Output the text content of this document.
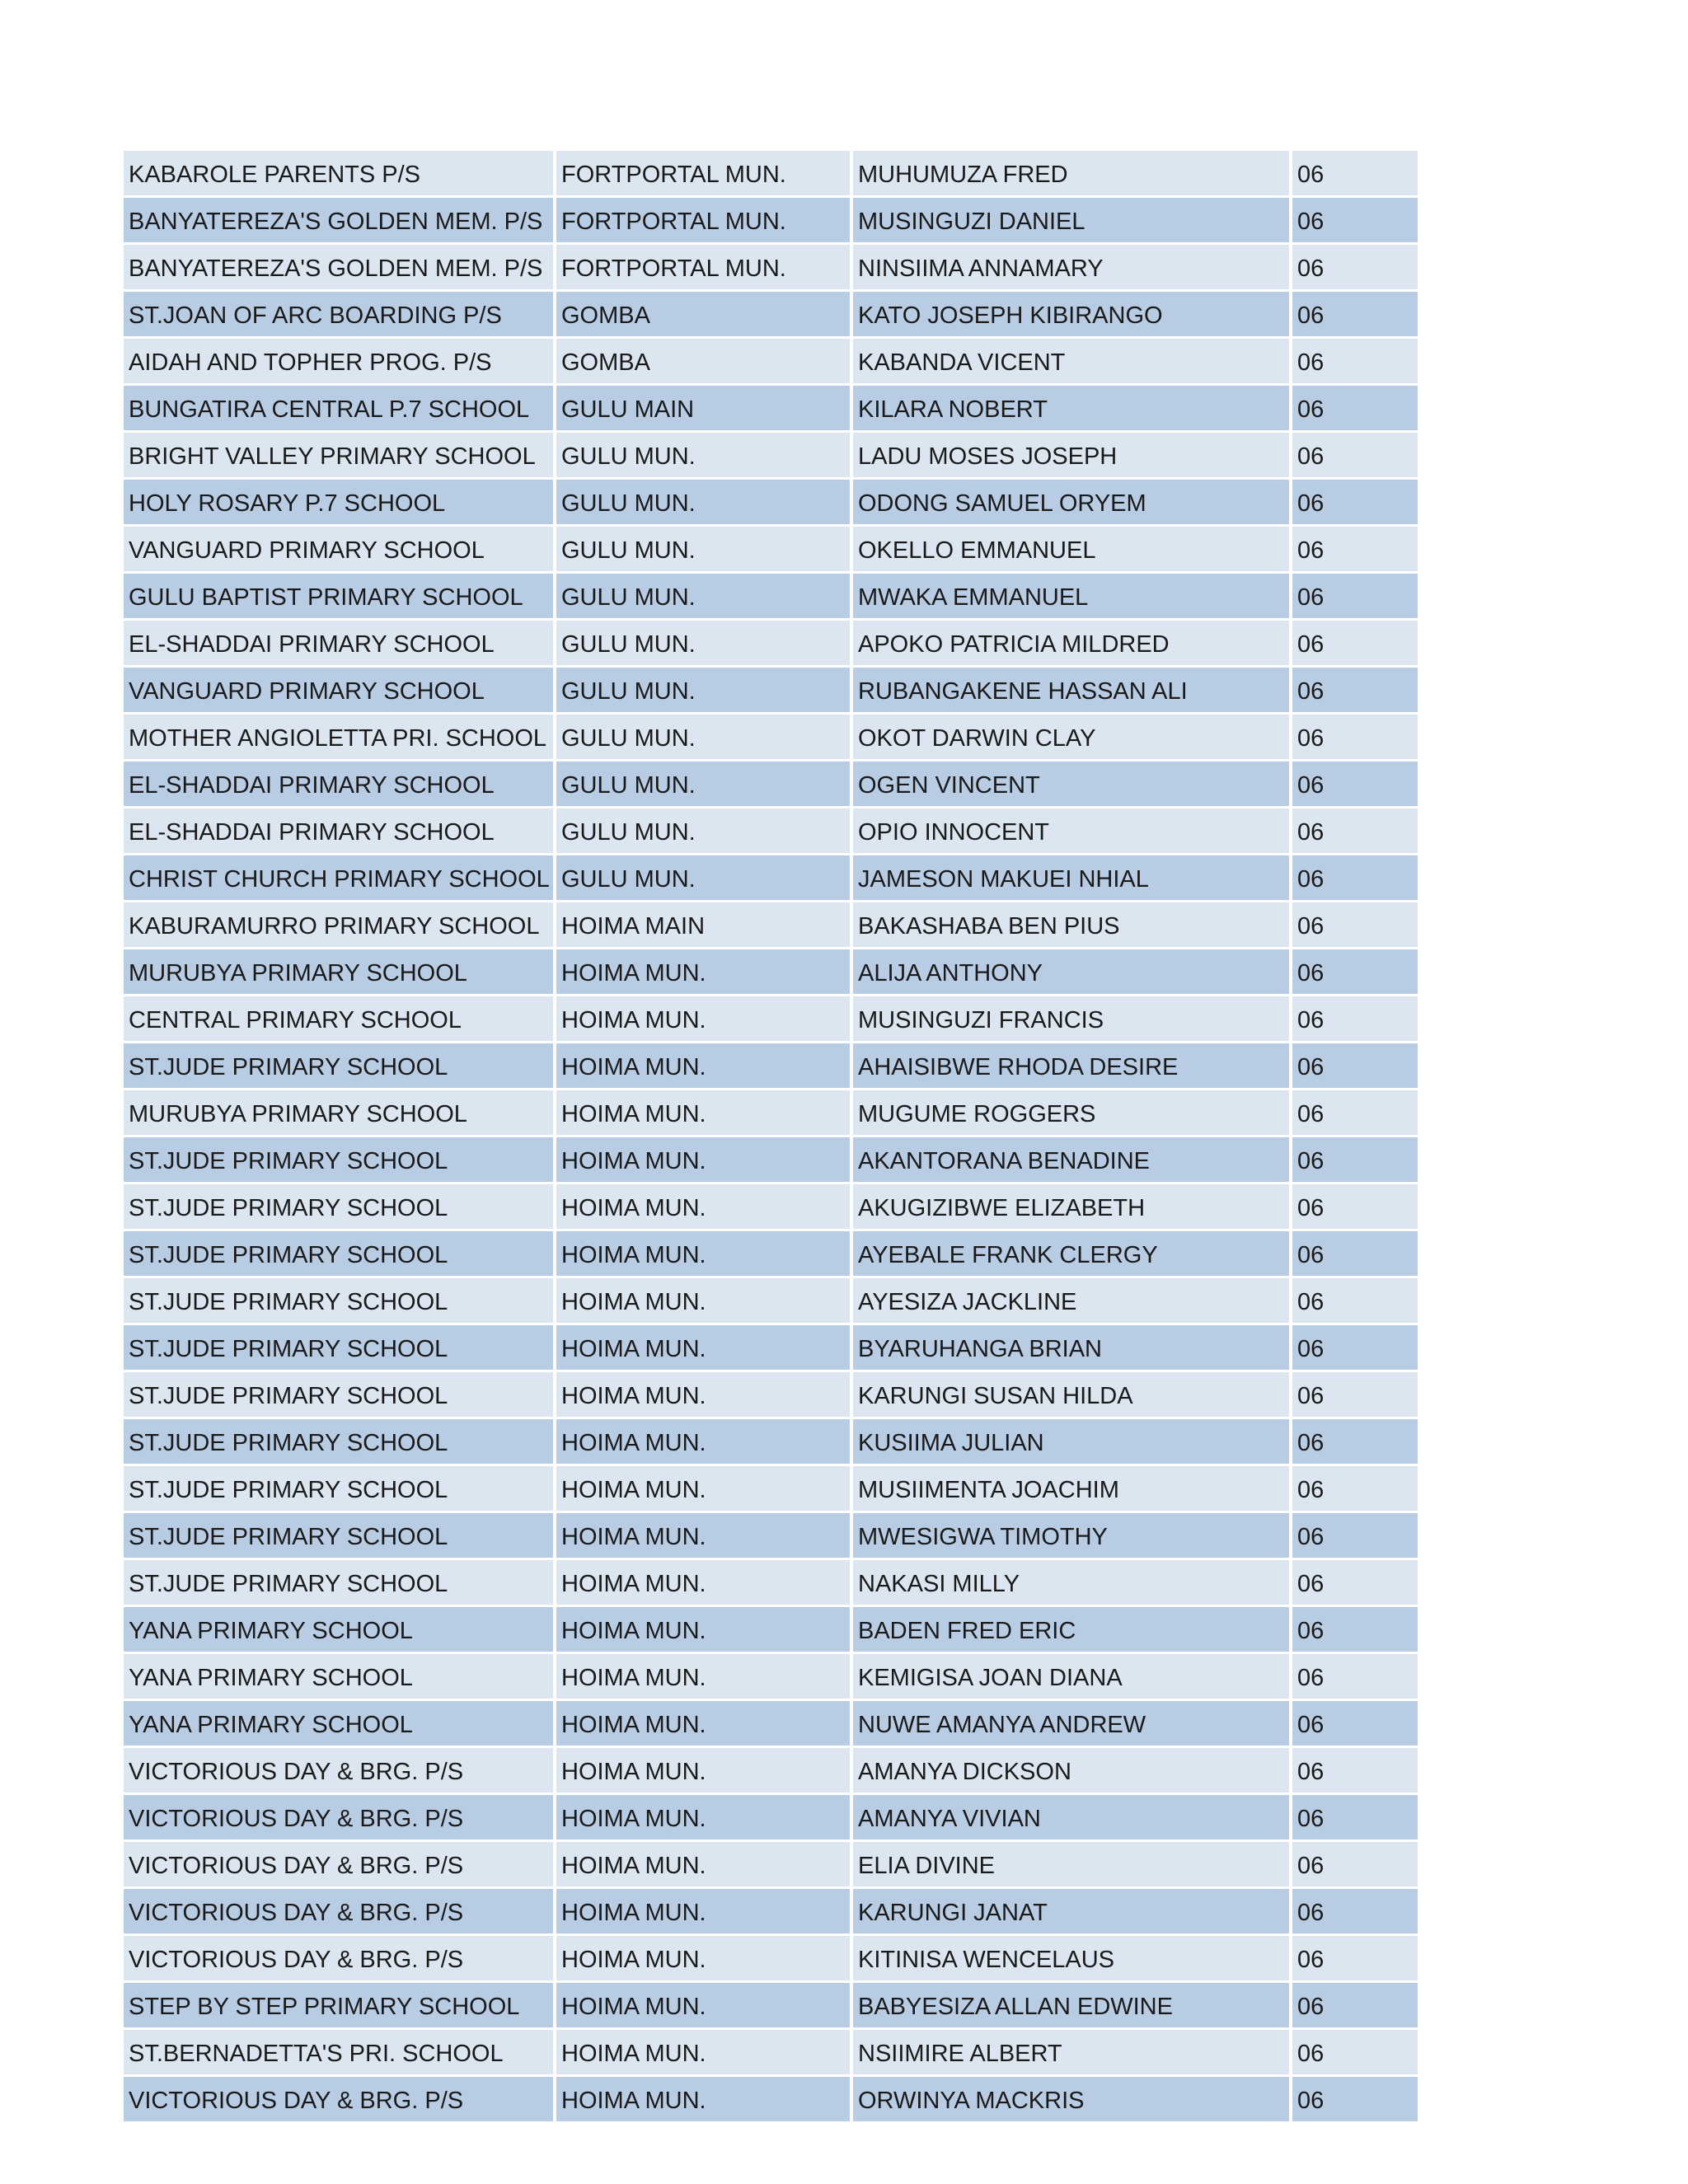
KABAROLE PARENTS P/S	FORTPORTAL MUN.	MUHUMUZA FRED	06
BANYATEREZA'S GOLDEN MEM. P/S	FORTPORTAL MUN.	MUSINGUZI DANIEL	06
BANYATEREZA'S GOLDEN MEM. P/S	FORTPORTAL MUN.	NINSIIMA ANNAMARY	06
ST.JOAN OF ARC BOARDING P/S	GOMBA	KATO JOSEPH KIBIRANGO	06
AIDAH AND TOPHER PROG. P/S	GOMBA	KABANDA VICENT	06
BUNGATIRA CENTRAL P.7 SCHOOL	GULU MAIN	KILARA NOBERT	06
BRIGHT VALLEY PRIMARY SCHOOL	GULU MUN.	LADU MOSES JOSEPH	06
HOLY ROSARY P.7 SCHOOL	GULU MUN.	ODONG SAMUEL ORYEM	06
VANGUARD PRIMARY SCHOOL	GULU MUN.	OKELLO EMMANUEL	06
GULU BAPTIST PRIMARY SCHOOL	GULU MUN.	MWAKA EMMANUEL	06
EL-SHADDAI PRIMARY SCHOOL	GULU MUN.	APOKO PATRICIA MILDRED	06
VANGUARD PRIMARY SCHOOL	GULU MUN.	RUBANGAKENE HASSAN ALI	06
MOTHER ANGIOLETTA PRI. SCHOOL	GULU MUN.	OKOT DARWIN CLAY	06
EL-SHADDAI PRIMARY SCHOOL	GULU MUN.	OGEN VINCENT	06
EL-SHADDAI PRIMARY SCHOOL	GULU MUN.	OPIO INNOCENT	06
CHRIST CHURCH PRIMARY SCHOOL	GULU MUN.	JAMESON MAKUEI NHIAL	06
KABURAMURRO PRIMARY SCHOOL	HOIMA MAIN	BAKASHABA BEN PIUS	06
MURUBYA PRIMARY SCHOOL	HOIMA MUN.	ALIJA ANTHONY	06
CENTRAL PRIMARY SCHOOL	HOIMA MUN.	MUSINGUZI FRANCIS	06
ST.JUDE PRIMARY SCHOOL	HOIMA MUN.	AHAISIBWE RHODA DESIRE	06
MURUBYA PRIMARY SCHOOL	HOIMA MUN.	MUGUME ROGGERS	06
ST.JUDE PRIMARY SCHOOL	HOIMA MUN.	AKANTORANA BENADINE	06
ST.JUDE PRIMARY SCHOOL	HOIMA MUN.	AKUGIZIBWE ELIZABETH	06
ST.JUDE PRIMARY SCHOOL	HOIMA MUN.	AYEBALE FRANK CLERGY	06
ST.JUDE PRIMARY SCHOOL	HOIMA MUN.	AYESIZA JACKLINE	06
ST.JUDE PRIMARY SCHOOL	HOIMA MUN.	BYARUHANGA BRIAN	06
ST.JUDE PRIMARY SCHOOL	HOIMA MUN.	KARUNGI SUSAN HILDA	06
ST.JUDE PRIMARY SCHOOL	HOIMA MUN.	KUSIIMA JULIAN	06
ST.JUDE PRIMARY SCHOOL	HOIMA MUN.	MUSIIMENTA JOACHIM	06
ST.JUDE PRIMARY SCHOOL	HOIMA MUN.	MWESIGWA TIMOTHY	06
ST.JUDE PRIMARY SCHOOL	HOIMA MUN.	NAKASI MILLY	06
YANA PRIMARY SCHOOL	HOIMA MUN.	BADEN FRED ERIC	06
YANA PRIMARY SCHOOL	HOIMA MUN.	KEMIGISA JOAN DIANA	06
YANA PRIMARY SCHOOL	HOIMA MUN.	NUWE AMANYA ANDREW	06
VICTORIOUS DAY & BRG. P/S	HOIMA MUN.	AMANYA DICKSON	06
VICTORIOUS DAY & BRG. P/S	HOIMA MUN.	AMANYA VIVIAN	06
VICTORIOUS DAY & BRG. P/S	HOIMA MUN.	ELIA DIVINE	06
VICTORIOUS DAY & BRG. P/S	HOIMA MUN.	KARUNGI JANAT	06
VICTORIOUS DAY & BRG. P/S	HOIMA MUN.	KITINISA WENCELAUS	06
STEP BY STEP PRIMARY SCHOOL	HOIMA MUN.	BABYESIZA ALLAN EDWINE	06
ST.BERNADETTA'S PRI. SCHOOL	HOIMA MUN.	NSIIMIRE ALBERT	06
VICTORIOUS DAY & BRG. P/S	HOIMA MUN.	ORWINYA MACKRIS	06
